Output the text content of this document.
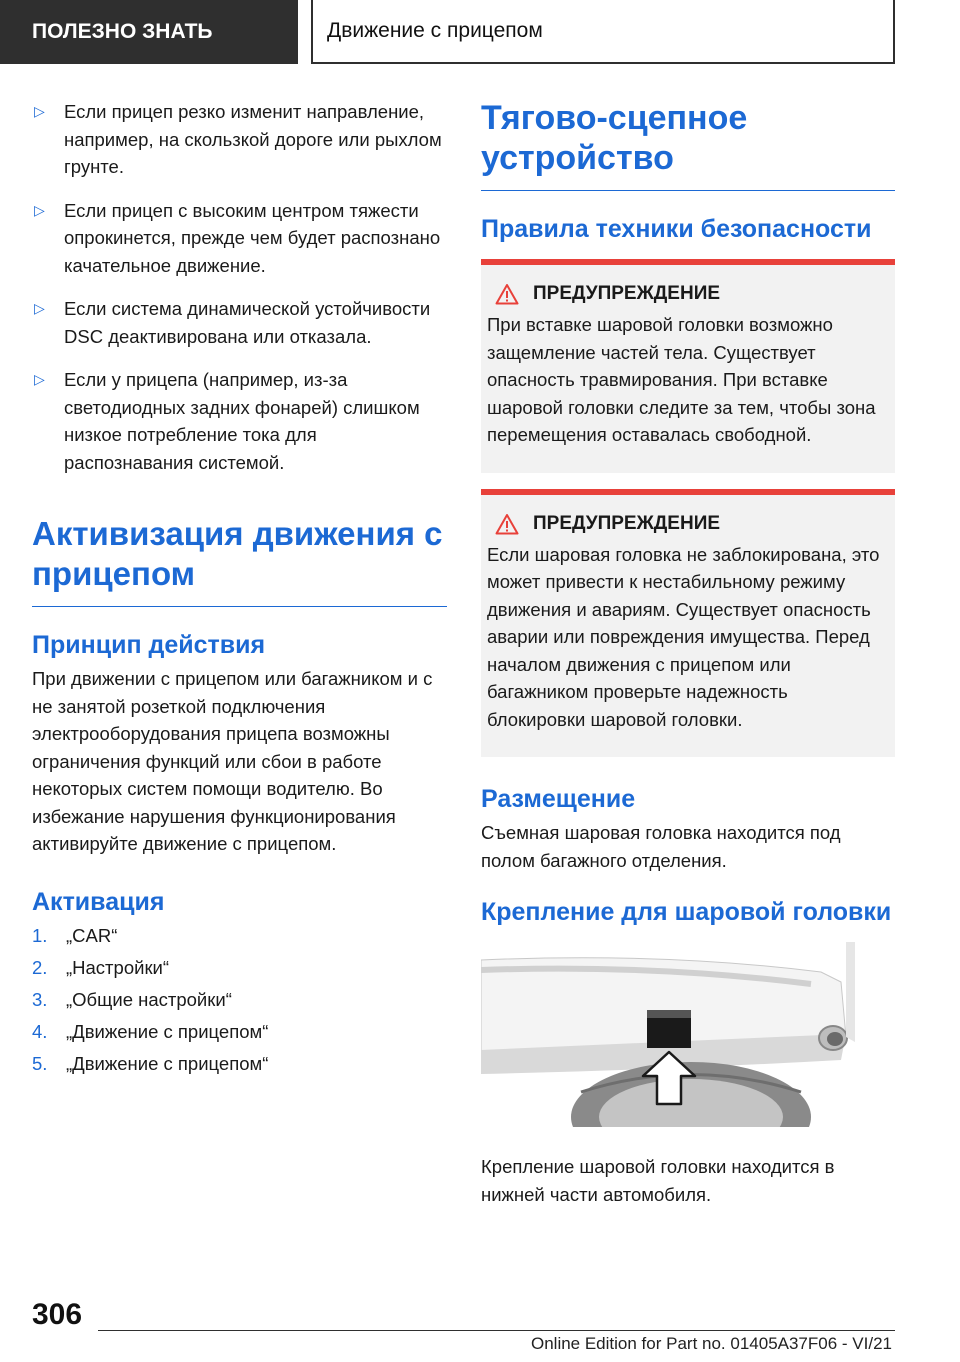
ПОЛЕЗНО ЗНАТЬ	Движение с прицепом
▷ Если прицеп резко изменит направление, например, на скользкой дороге или рыхлом грунте.
▷ Если прицеп с высоким центром тяжести опрокинется, прежде чем будет распознано качательное движение.
▷ Если система динамической устойчивости DSC деактивирована или отказала.
▷ Если у прицепа (например, из-за светодиодных задних фонарей) слишком низкое потребление тока для распознавания системой.
Активизация движения с прицепом
Принцип действия

При движении с прицепом или багажником и с не занятой розеткой подключения электрооборудования прицепа возможны ограничения функций или сбои в работе некоторых систем помощи водителю. Во избежание нарушения функционирования активируйте движение с прицепом.

Активация
1. „CAR“
2. „Настройки“
3. „Общие настройки“
4. „Движение с прицепом“
5. „Движение с прицепом“
Тягово-сцепное устройство
Правила техники безопасности
ПРЕДУПРЕЖДЕНИЕ

При вставке шаровой головки возможно защемление частей тела. Существует опасность травмирования. При вставке шаровой головки следите за тем, чтобы зона перемещения оставалась свободной.

ПРЕДУПРЕЖДЕНИЕ

Если шаровая головка не заблокирована, это может привести к нестабильному режиму движения и авариям. Существует опасность аварии или повреждения имущества. Перед началом движения с прицепом или багажником проверьте надежность блокировки шаровой головки.

Размещение

Съемная шаровая головка находится под полом багажного отделения.

Крепление для шаровой головки

Крепление шаровой головки находится в нижней части автомобиля.

306
Online Edition for Part no. 01405A37F06 - VI/21
